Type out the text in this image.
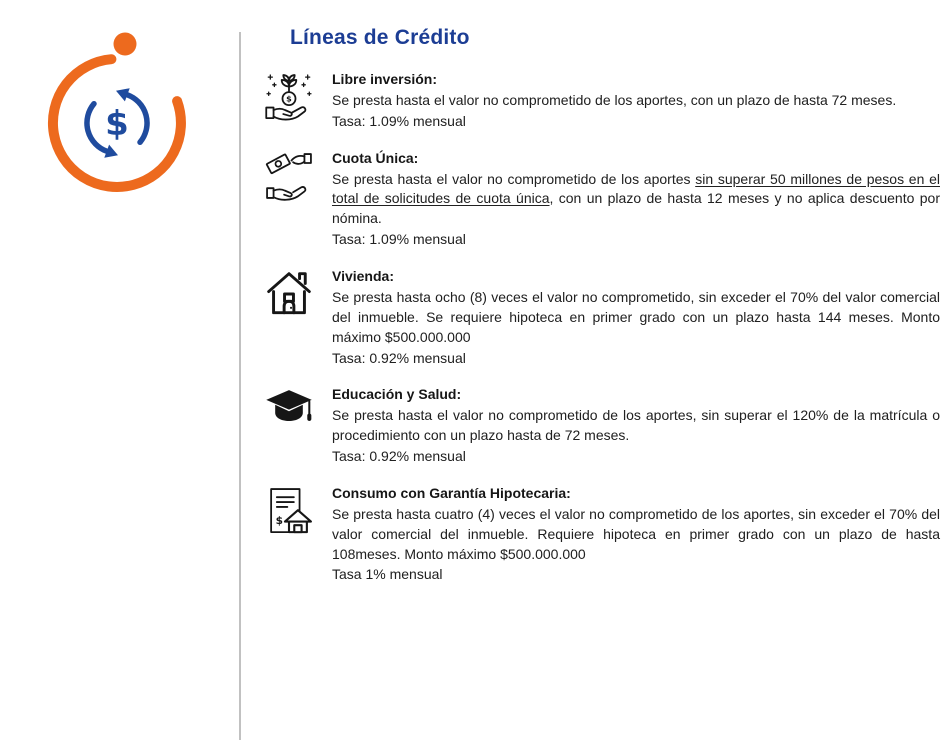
$
Líneas de Crédito
$
Libre inversión:

Se presta hasta el valor no comprometido de los aportes, con un plazo de hasta 72 meses.

Tasa: 1.09% mensual
Cuota Única:

Se presta hasta el valor no comprometido de los aportes sin superar 50 millones de pesos en el total de solicitudes de cuota única, con un plazo de hasta 12 meses y no aplica descuento por nómina.

Tasa: 1.09% mensual
Vivienda:

Se presta hasta ocho (8) veces el valor no comprometido, sin exceder el 70% del valor comercial del inmueble. Se requiere hipoteca en primer grado con un plazo hasta 144 meses. Monto máximo $500.000.000

Tasa: 0.92% mensual
Educación y Salud:

Se presta hasta el valor no comprometido de los aportes, sin superar el 120% de la matrícula o procedimiento con un plazo hasta de 72 meses.

Tasa: 0.92% mensual
$
Consumo con Garantía Hipotecaria:

Se presta hasta cuatro (4) veces el valor no comprometido de los aportes, sin exceder el 70% del valor comercial del inmueble. Requiere hipoteca en primer grado con un plazo de hasta 108meses. Monto máximo $500.000.000

Tasa 1% mensual
